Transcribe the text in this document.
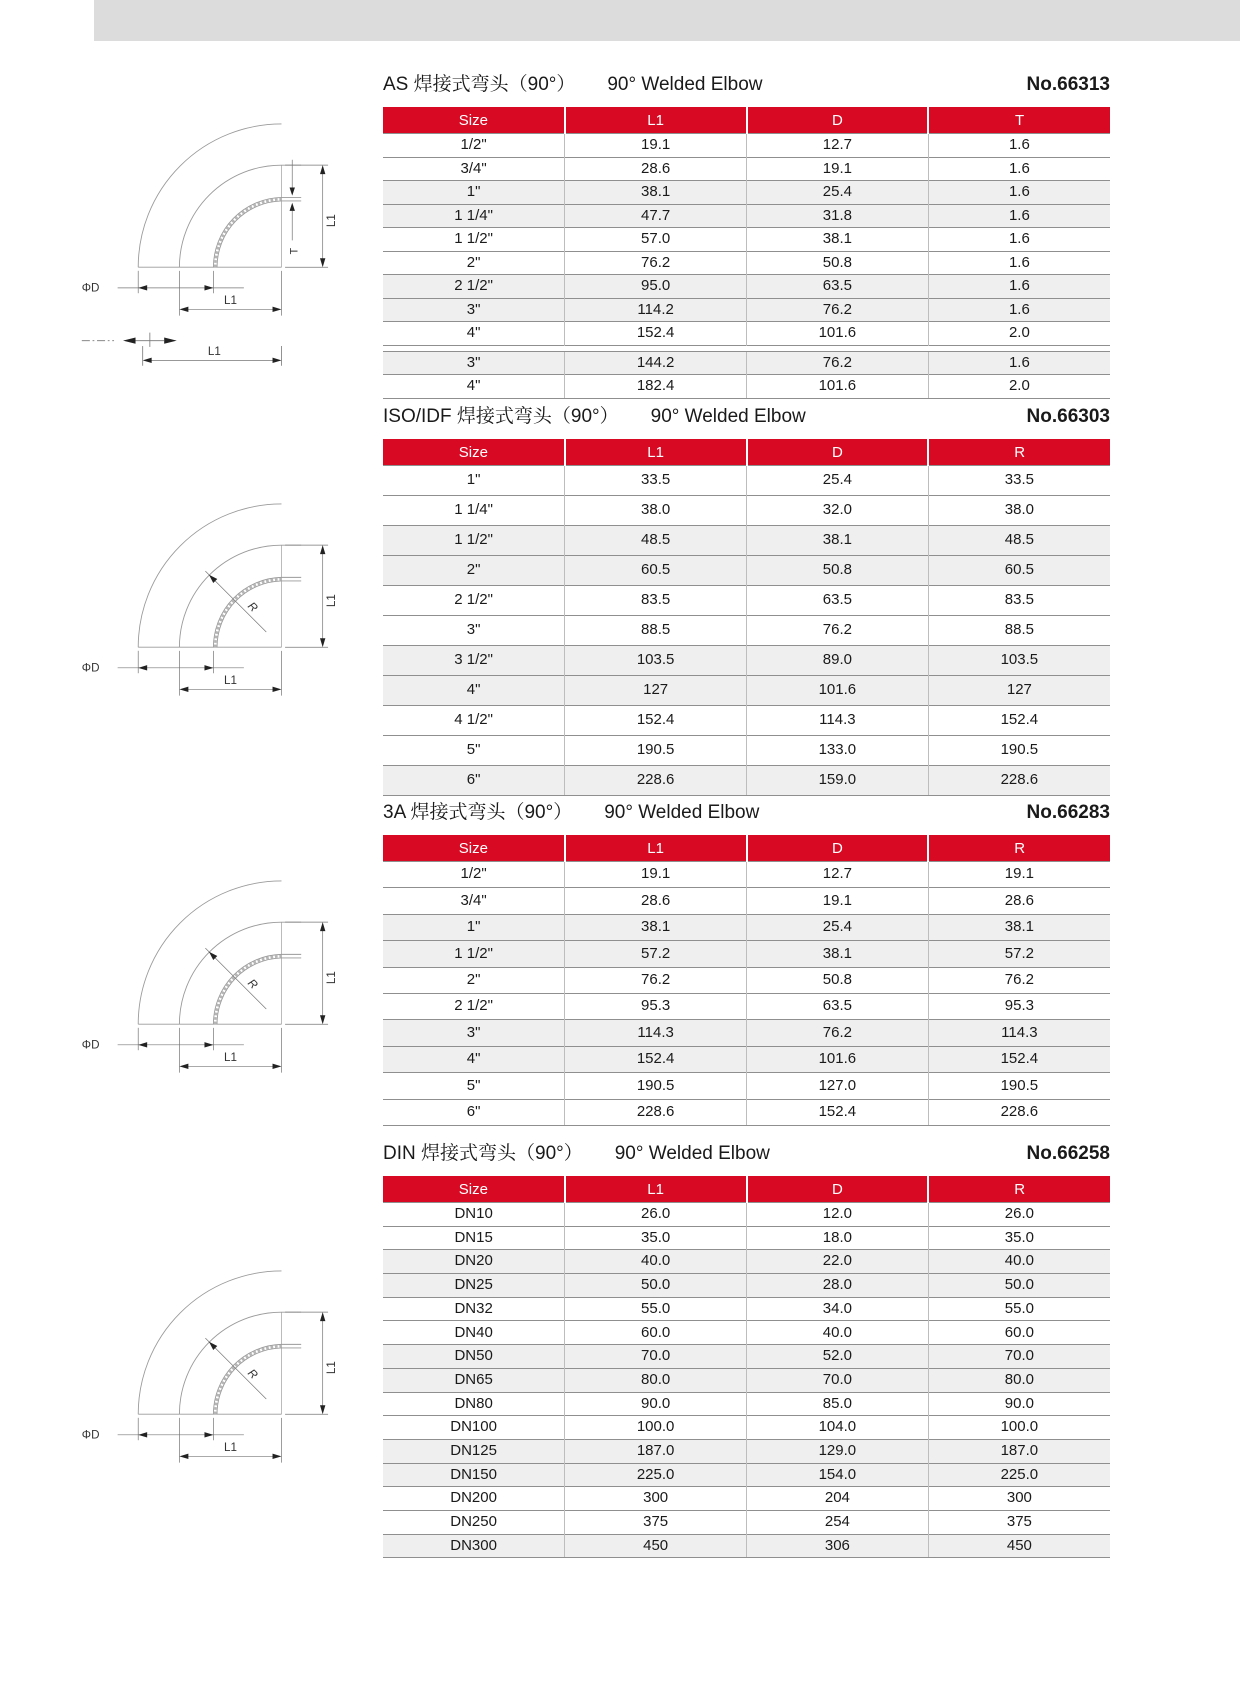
L1
L1
ΦD
T
L1
L1
L1
ΦD
R
L1
L1
ΦD
R
L1
L1
ΦD
R
AS 焊接式弯头（90°） 90° Welded Elbow	No.66313
Size	L1	D	T
1/2"	19.1	12.7	1.6
3/4"	28.6	19.1	1.6
1"	38.1	25.4	1.6
1 1/4"	47.7	31.8	1.6
1 1/2"	57.0	38.1	1.6
2"	76.2	50.8	1.6
2 1/2"	95.0	63.5	1.6
3"	114.2	76.2	1.6
4"	152.4	101.6	2.0

3"	144.2	76.2	1.6
4"	182.4	101.6	2.0
ISO/IDF 焊接式弯头（90°） 90° Welded Elbow	No.66303
Size	L1	D	R
1"	33.5	25.4	33.5
1 1/4"	38.0	32.0	38.0
1 1/2"	48.5	38.1	48.5
2"	60.5	50.8	60.5
2 1/2"	83.5	63.5	83.5
3"	88.5	76.2	88.5
3 1/2"	103.5	89.0	103.5
4"	127	101.6	127
4 1/2"	152.4	114.3	152.4
5"	190.5	133.0	190.5
6"	228.6	159.0	228.6
3A 焊接式弯头（90°） 90° Welded Elbow	No.66283
Size	L1	D	R
1/2"	19.1	12.7	19.1
3/4"	28.6	19.1	28.6
1"	38.1	25.4	38.1
1 1/2"	57.2	38.1	57.2
2"	76.2	50.8	76.2
2 1/2"	95.3	63.5	95.3
3"	114.3	76.2	114.3
4"	152.4	101.6	152.4
5"	190.5	127.0	190.5
6"	228.6	152.4	228.6
DIN 焊接式弯头（90°） 90° Welded Elbow	No.66258
Size	L1	D	R
DN10	26.0	12.0	26.0
DN15	35.0	18.0	35.0
DN20	40.0	22.0	40.0
DN25	50.0	28.0	50.0
DN32	55.0	34.0	55.0
DN40	60.0	40.0	60.0
DN50	70.0	52.0	70.0
DN65	80.0	70.0	80.0
DN80	90.0	85.0	90.0
DN100	100.0	104.0	100.0
DN125	187.0	129.0	187.0
DN150	225.0	154.0	225.0
DN200	300	204	300
DN250	375	254	375
DN300	450	306	450
